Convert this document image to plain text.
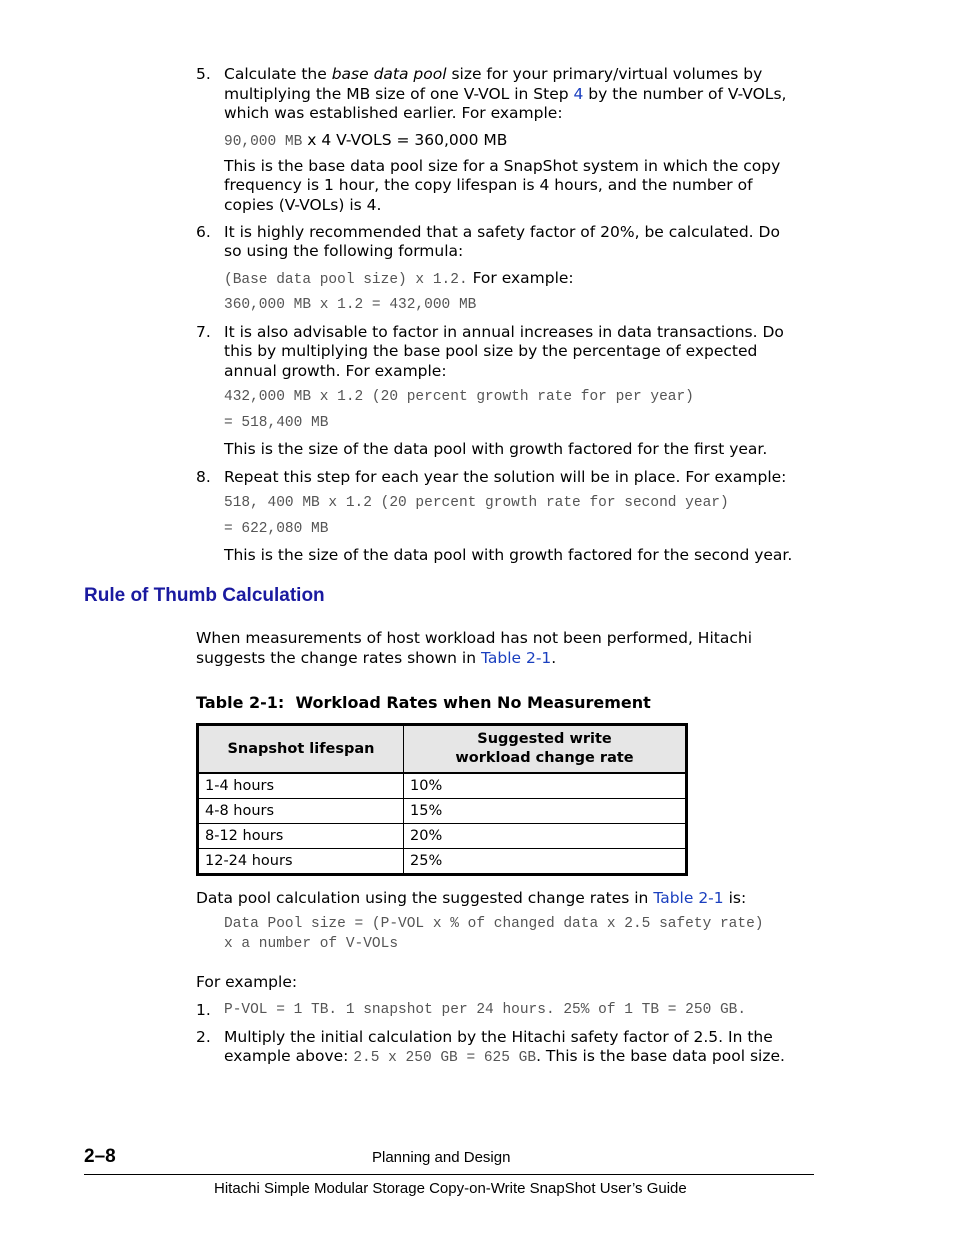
5. Calculate the base data pool size for your primary/virtual volumes by
multiplying the MB size of one V-VOL in Step 4 by the number of V-VOLs,
which was established earlier. For example:
90,000 MB x 4 V-VOLS = 360,000 MB
This is the base data pool size for a SnapShot system in which the copy
frequency is 1 hour, the copy lifespan is 4 hours, and the number of
copies (V-VOLs) is 4.
6. It is highly recommended that a safety factor of 20%, be calculated. Do
so using the following formula:
(Base data pool size) x 1.2. For example:
360,000 MB x 1.2 = 432,000 MB
7. It is also advisable to factor in annual increases in data transactions. Do
this by multiplying the base pool size by the percentage of expected
annual growth. For example:
432,000 MB x 1.2 (20 percent growth rate for per year)
= 518,400 MB
This is the size of the data pool with growth factored for the first year.
8. Repeat this step for each year the solution will be in place. For example:
518, 400 MB x 1.2 (20 percent growth rate for second year)
= 622,080 MB
This is the size of the data pool with growth factored for the second year.
Rule of Thumb Calculation
When measurements of host workload has not been performed, Hitachi
suggests the change rates shown in Table 2-1.
Table 2-1:  Workload Rates when No Measurement
Snapshot lifespan	Suggested write workload change rate
1-4 hours	10%
4-8 hours	15%
8-12 hours	20%
12-24 hours	25%
Data pool calculation using the suggested change rates in Table 2-1 is:
Data Pool size = (P-VOL x % of changed data x 2.5 safety rate)
x a number of V-VOLs
For example:
1. P-VOL = 1 TB. 1 snapshot per 24 hours. 25% of 1 TB = 250 GB.
2. Multiply the initial calculation by the Hitachi safety factor of 2.5. In the
example above: 2.5 x 250 GB = 625 GB. This is the base data pool size.
2–8	Planning and Design
Hitachi Simple Modular Storage Copy-on-Write SnapShot User’s Guide
